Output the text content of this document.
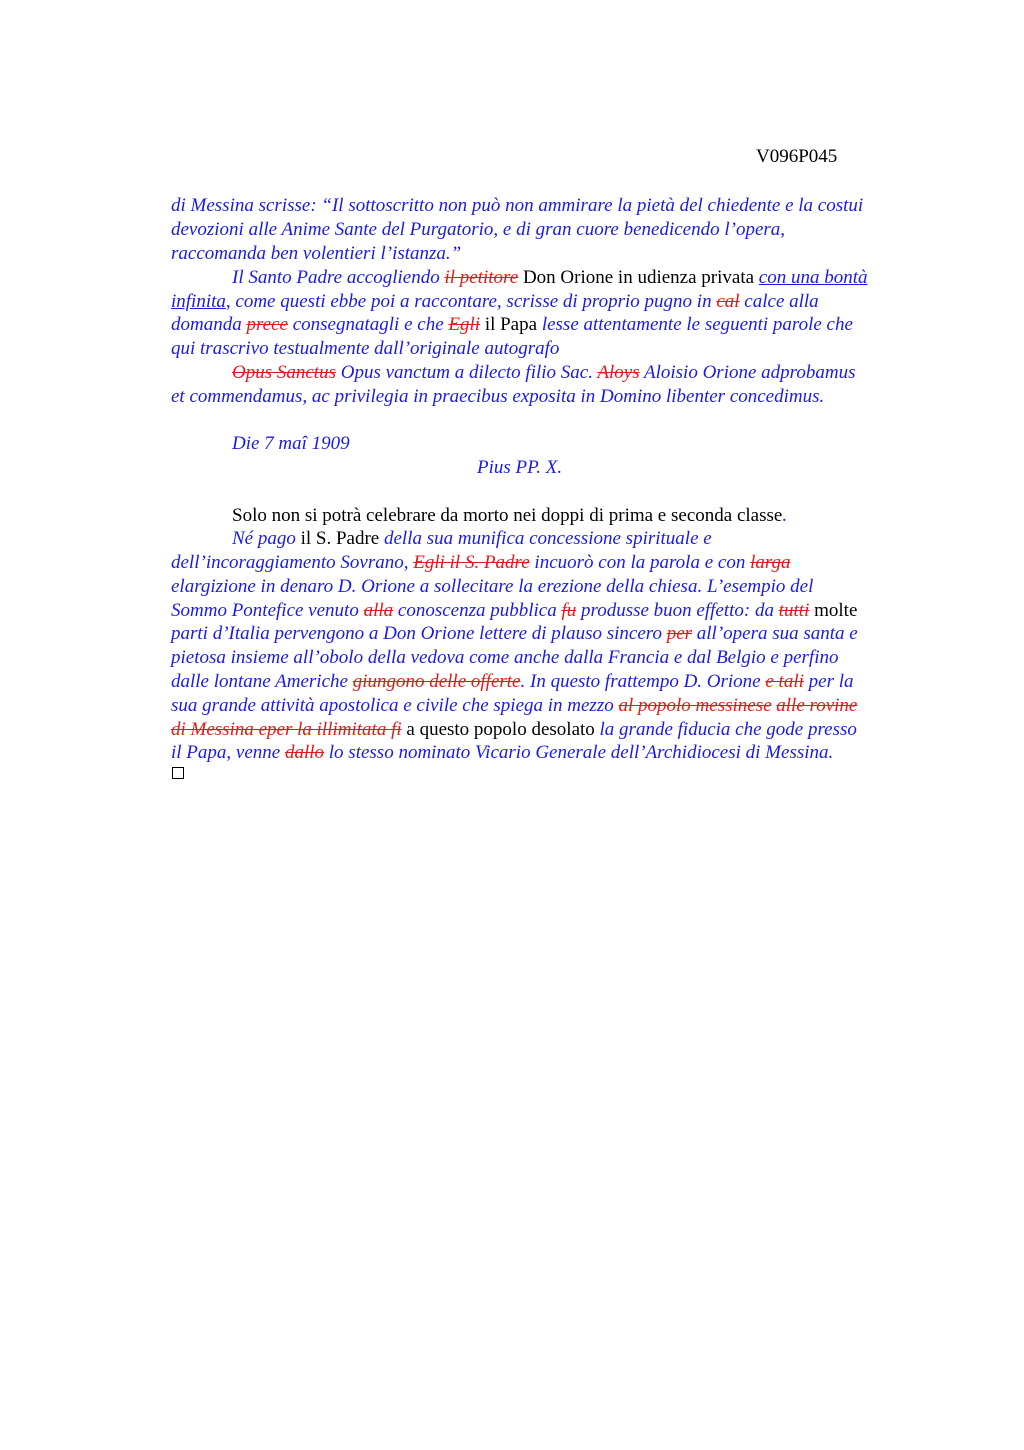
V096P045
di Messina scrisse: “Il sottoscritto non può non ammirare la pietà del chiedente e la costui
devozioni alle Anime Sante del Purgatorio, e di gran cuore benedicendo l’opera,
raccomanda ben volentieri l’istanza.”
Il Santo Padre accogliendo il petitore Don Orione in udienza privata con una bontà
infinita, come questi ebbe poi a raccontare, scrisse di proprio pugno in cal calce alla
domanda prece consegnatagli e che Egli il Papa lesse attentamente le seguenti parole che
qui trascrivo testualmente dall’originale autografo
Opus Sanctus Opus vanctum a dilecto filio Sac. Aloys Aloisio Orione adprobamus
et commendamus, ac privilegia in praecibus exposita in Domino libenter concedimus.
Die 7 maî 1909
Pius PP. X.
Solo non si potrà celebrare da morto nei doppi di prima e seconda classe.
Né pago il S. Padre della sua munifica concessione spirituale e
dell’incoraggiamento Sovrano, Egli il S. Padre incuorò con la parola e con larga
elargizione in denaro D. Orione a sollecitare la erezione della chiesa. L’esempio del
Sommo Pontefice venuto alla conoscenza pubblica fu produsse buon effetto: da tutti molte
parti d’Italia pervengono a Don Orione lettere di plauso sincero per all’opera sua santa e
pietosa insieme all’obolo della vedova come anche dalla Francia e dal Belgio e perfino
dalle lontane Americhe giungono delle offerte. In questo frattempo D. Orione e tali per la
sua grande attività apostolica e civile che spiega in mezzo al popolo messinese alle rovine
di Messina eper la illimitata fi a questo popolo desolato la grande fiducia che gode presso
il Papa, venne dallo lo stesso nominato Vicario Generale dell’Archidiocesi di Messina.
